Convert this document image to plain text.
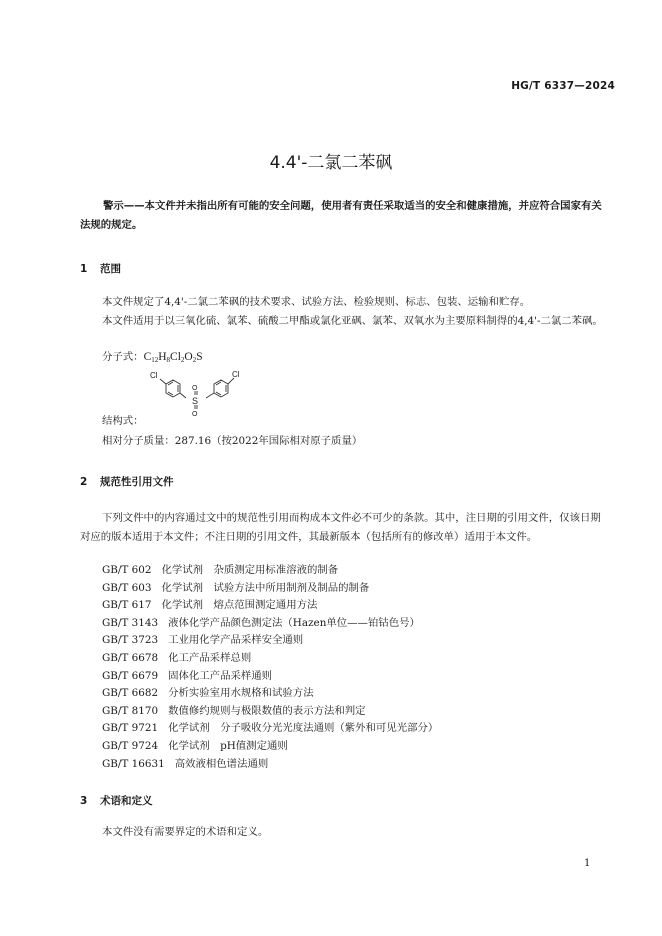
HG/T 6337—2024
4.4'-二氯二苯砜
警示——本文件并未指出所有可能的安全问题，使用者有责任采取适当的安全和健康措施，并应符合国家有关法规的规定。
1 范围
本文件规定了4,4'-二氯二苯砜的技术要求、试验方法、检验规则、标志、包装、运输和贮存。
本文件适用于以三氧化硫、氯苯、硫酸二甲酯或氯化亚砜、氯苯、双氧水为主要原料制得的4,4'-二氯二苯砜。
分子式：$C_{12}H_8Cl_2O_2S$
Cl	Cl
S
O
O
结构式：
相对分子质量：287.16（按2022年国际相对原子质量）
2 规范性引用文件
下列文件中的内容通过文中的规范性引用而构成本文件必不可少的条款。其中，注日期的引用文件，仅该日期对应的版本适用于本文件；不注日期的引用文件，其最新版本（包括所有的修改单）适用于本文件。
GB/T 602 化学试剂　杂质测定用标准溶液的制备
GB/T 603 化学试剂　试验方法中所用制剂及制品的制备
GB/T 617 化学试剂　熔点范围测定通用方法
GB/T 3143 液体化学产品颜色测定法（Hazen单位——铂钴色号）
GB/T 3723 工业用化学产品采样安全通则
GB/T 6678 化工产品采样总则
GB/T 6679 固体化工产品采样通则
GB/T 6682 分析实验室用水规格和试验方法
GB/T 8170 数值修约规则与极限数值的表示方法和判定
GB/T 9721 化学试剂　分子吸收分光光度法通则（紫外和可见光部分）
GB/T 9724 化学试剂　pH值测定通则
GB/T 16631 高效液相色谱法通则
3 术语和定义
本文件没有需要界定的术语和定义。
1
